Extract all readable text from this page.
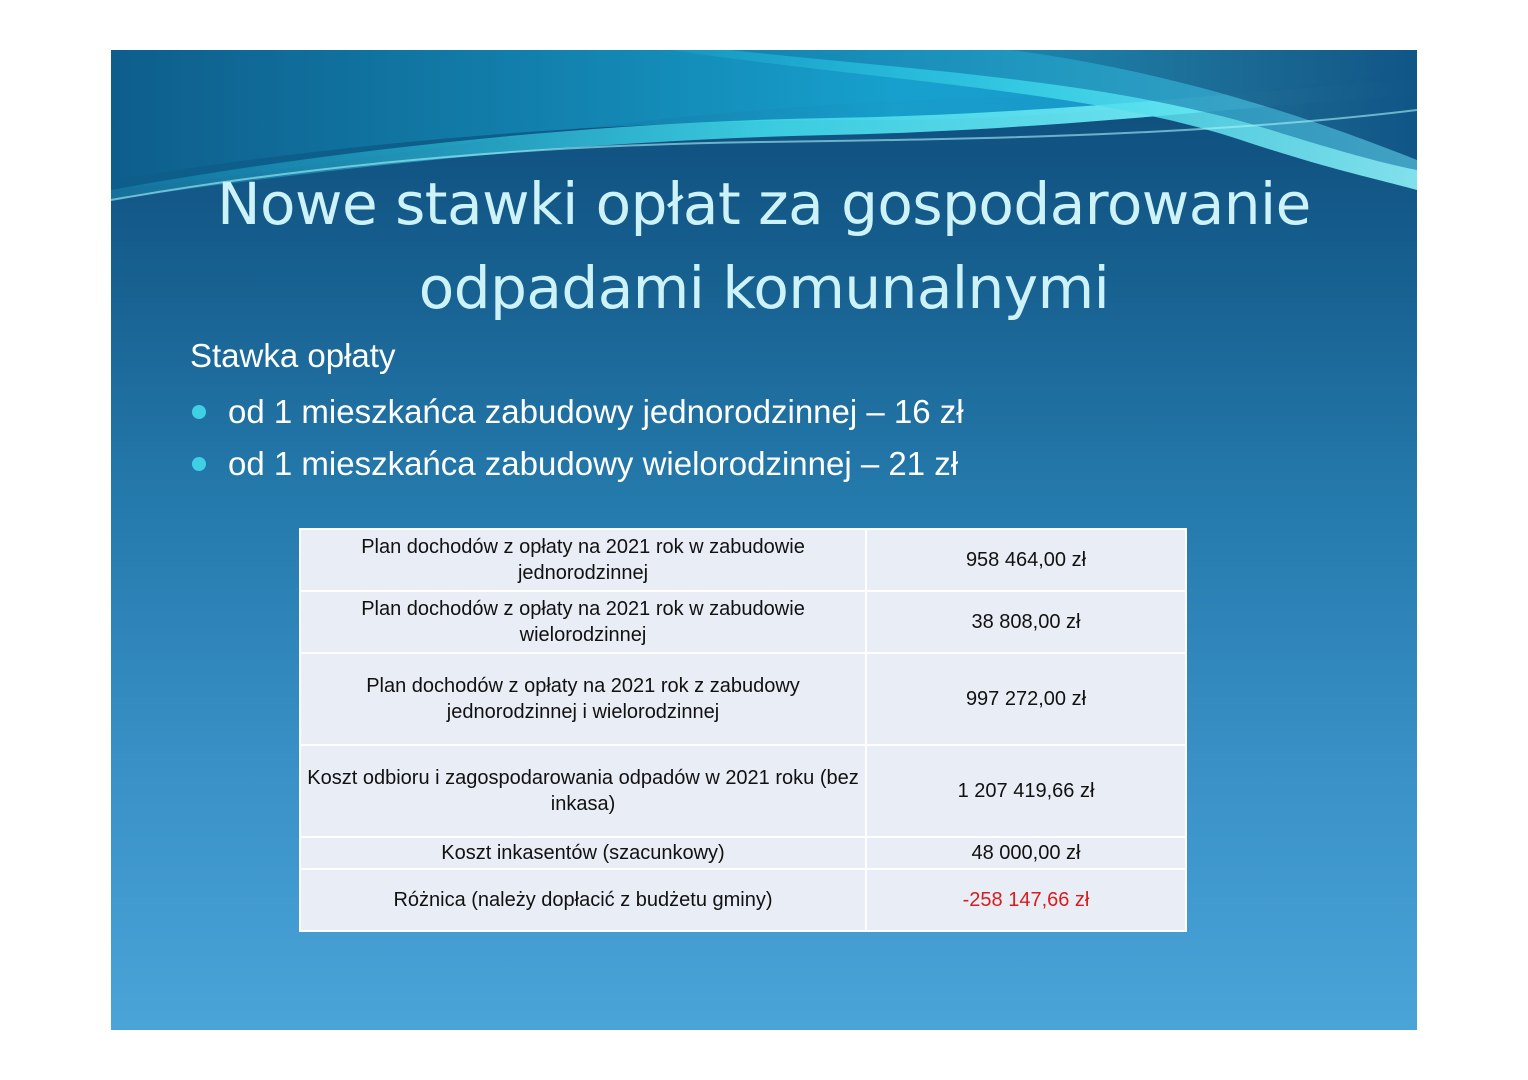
Nowe stawki opłat za gospodarowanie
odpadami komunalnymi
Stawka opłaty
od 1 mieszkańca zabudowy jednorodzinnej – 16 zł
od 1 mieszkańca zabudowy wielorodzinnej – 21 zł
Plan dochodów z opłaty na 2021 rok w zabudowie jednorodzinnej	958 464,00 zł
Plan dochodów z opłaty na 2021 rok w zabudowie wielorodzinnej	38 808,00 zł
Plan dochodów z opłaty na 2021 rok z zabudowy jednorodzinnej i wielorodzinnej	997 272,00 zł
Koszt odbioru i zagospodarowania odpadów w 2021 roku (bez inkasa)	1 207 419,66 zł
Koszt inkasentów (szacunkowy)	48 000,00 zł
Różnica (należy dopłacić z budżetu gminy)	-258 147,66 zł
